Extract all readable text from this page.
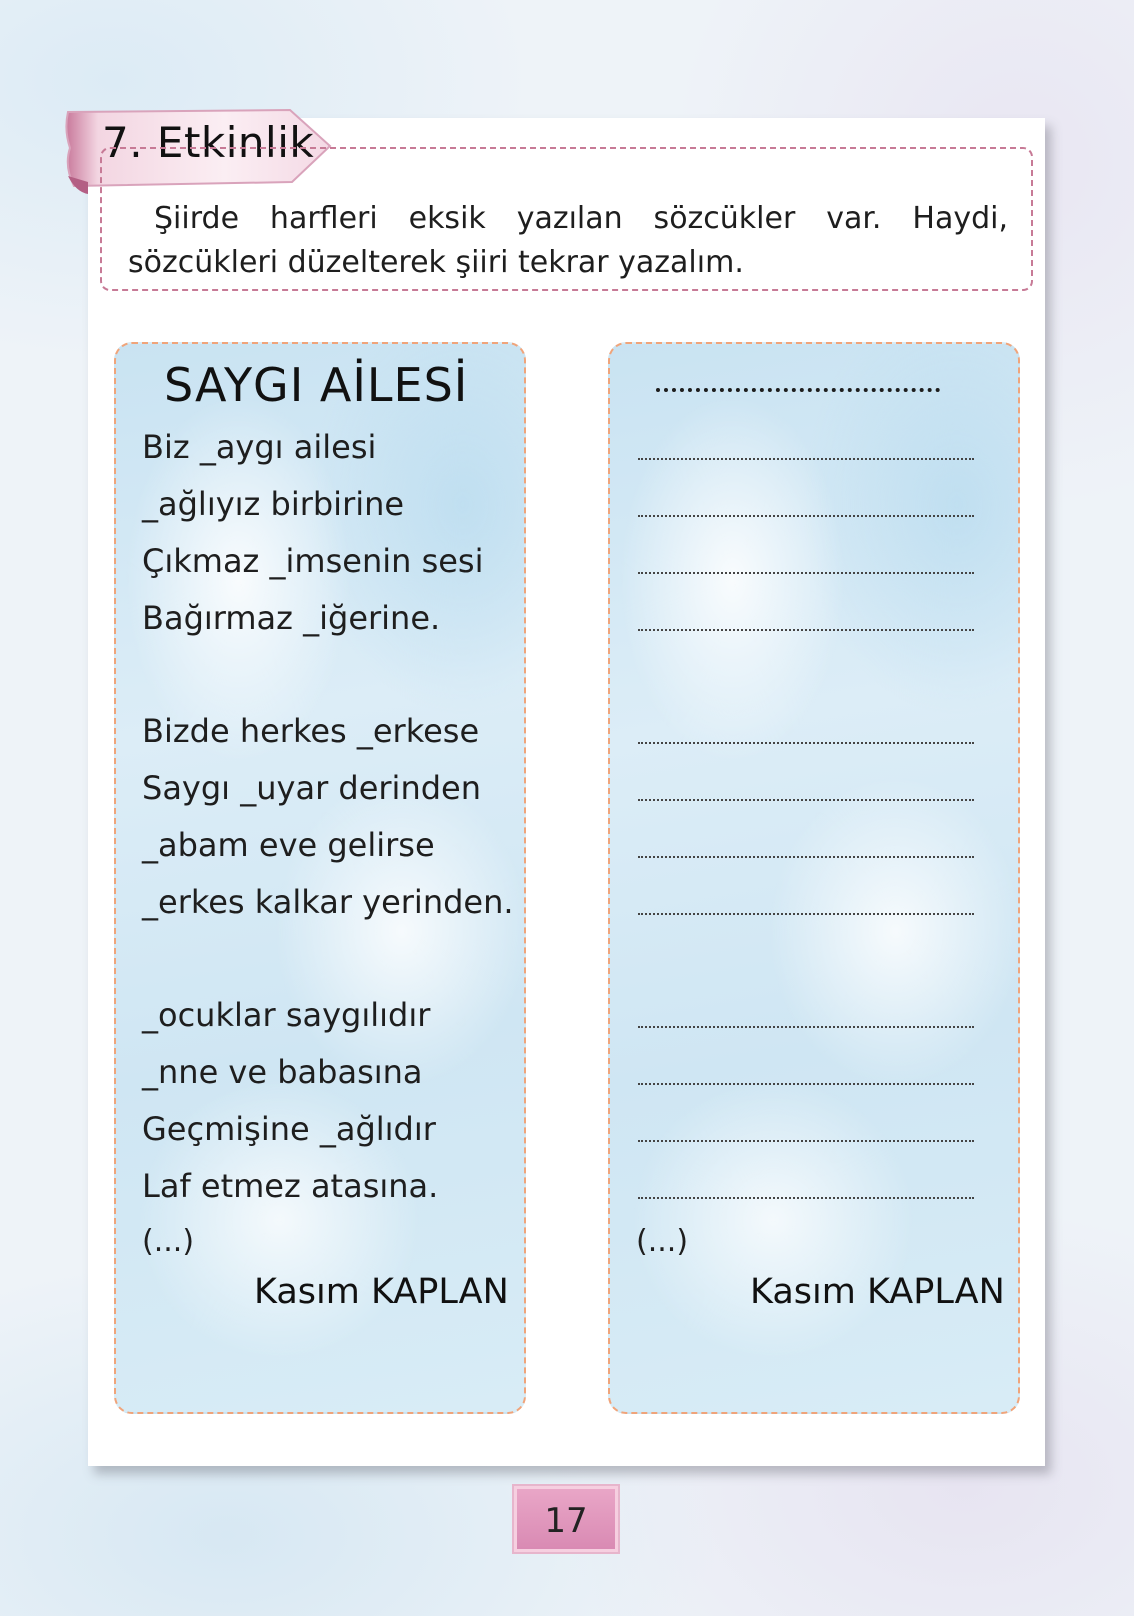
7. Etkinlik
Şiirde harfleri eksik yazılan sözcükler var. Haydi, sözcükleri düzelterek şiiri tekrar yazalım.
SAYGI AİLESİ
Biz _aygı ailesi
_ağlıyız birbirine
Çıkmaz _imsenin sesi
Bağırmaz _iğerine.
Bizde herkes _erkese
Saygı _uyar derinden
_abam eve gelirse
_erkes kalkar yerinden.
_ocuklar saygılıdır
_nne ve babasına
Geçmişine _ağlıdır
Laf etmez atasına.
(...)
Kasım KAPLAN
(...)
Kasım KAPLAN
17
